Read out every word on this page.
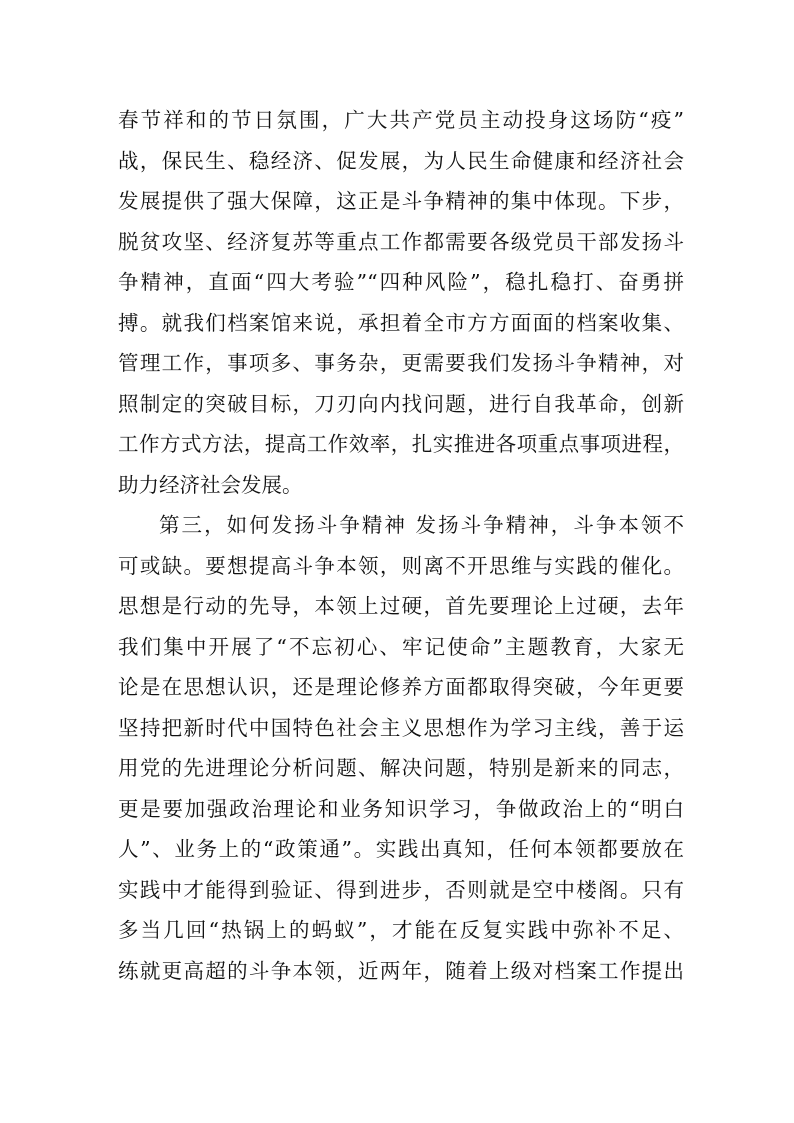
春节祥和的节日氛围，广大共产党员主动投身这场防“疫”
战，保民生、稳经济、促发展，为人民生命健康和经济社会
发展提供了强大保障，这正是斗争精神的集中体现。下步，
脱贫攻坚、经济复苏等重点工作都需要各级党员干部发扬斗
争精神，直面“四大考验”“四种风险”，稳扎稳打、奋勇拼
搏。就我们档案馆来说，承担着全市方方面面的档案收集、
管理工作，事项多、事务杂，更需要我们发扬斗争精神，对
照制定的突破目标，刀刃向内找问题，进行自我革命，创新
工作方式方法，提高工作效率，扎实推进各项重点事项进程，
助力经济社会发展。
第三，如何发扬斗争精神 发扬斗争精神，斗争本领不
可或缺。要想提高斗争本领，则离不开思维与实践的催化。
思想是行动的先导，本领上过硬，首先要理论上过硬，去年
我们集中开展了“不忘初心、牢记使命”主题教育，大家无
论是在思想认识，还是理论修养方面都取得突破，今年更要
坚持把新时代中国特色社会主义思想作为学习主线，善于运
用党的先进理论分析问题、解决问题，特别是新来的同志，
更是要加强政治理论和业务知识学习，争做政治上的“明白
人”、业务上的“政策通”。实践出真知，任何本领都要放在
实践中才能得到验证、得到进步，否则就是空中楼阁。只有
多当几回“热锅上的蚂蚁”，才能在反复实践中弥补不足、
练就更高超的斗争本领，近两年，随着上级对档案工作提出
